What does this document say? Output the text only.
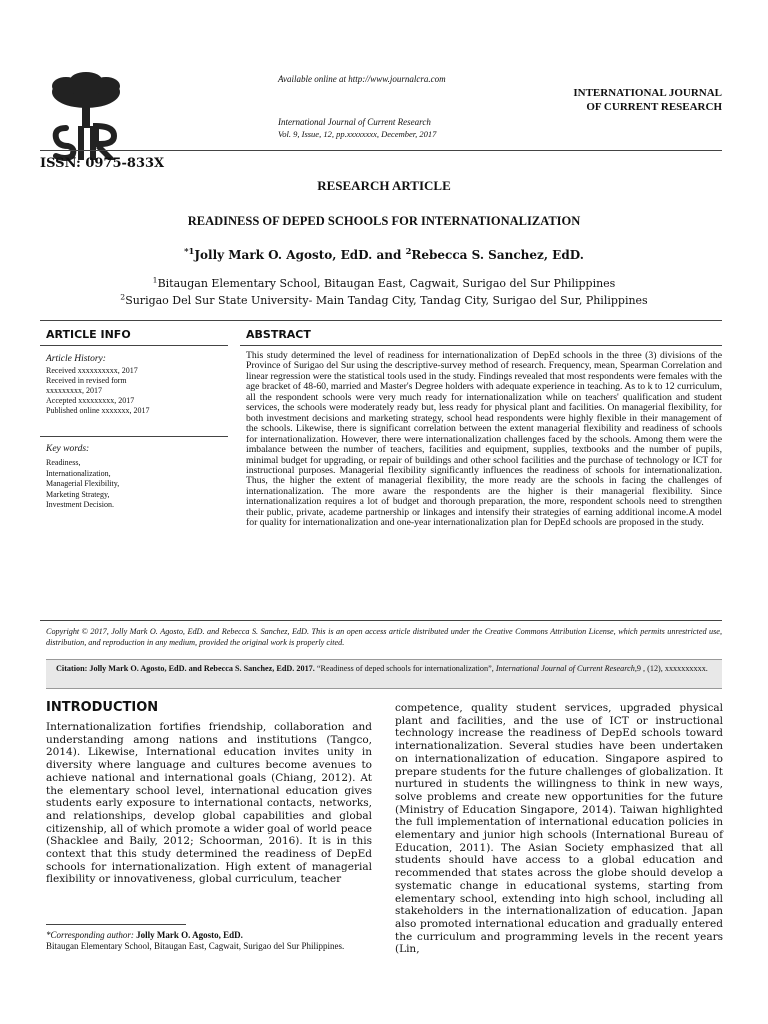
ISSN: 0975-833X
Available online at http://www.journalcra.com
International Journal of Current Research
Vol. 9, Issue, 12, pp.xxxxxxxx, December, 2017
INTERNATIONAL JOURNAL
OF CURRENT RESEARCH
RESEARCH ARTICLE
READINESS OF DEPED SCHOOLS FOR INTERNATIONALIZATION
$^{*1}$Jolly Mark O. Agosto, EdD. and $^2$Rebecca S. Sanchez, EdD.
$^1$Bitaugan Elementary School, Bitaugan East, Cagwait, Surigao del Sur Philippines
$^2$Surigao Del Sur State University- Main Tandag City, Tandag City, Surigao del Sur, Philippines
ARTICLE INFO	ABSTRACT
Article History:
Received xxxxxxxxxx, 2017
Received in revised form
xxxxxxxxx, 2017
Accepted xxxxxxxxx, 2017
Published online xxxxxxx, 2017
Key words:
Readiness,
Internationalization,
Managerial Flexibility,
Marketing Strategy,
Investment Decision.
This study determined the level of readiness for internationalization of DepEd schools in the three (3) divisions of the Province of Surigao del Sur using the descriptive-survey method of research. Frequency, mean, Spearman Correlation and linear regression were the statistical tools used in the study. Findings revealed that most respondents were females with the age bracket of 48-60, married and Master's Degree holders with adequate experience in teaching. As to k to 12 curriculum, all the respondent schools were very much ready for internationalization while on teachers' qualification and student services, the schools were moderately ready but, less ready for physical plant and facilities. On managerial flexibility, for both investment decisions and marketing strategy, school head respondents were highly flexible in their management of the schools. Likewise, there is significant correlation between the extent managerial flexibility and readiness of schools for internationalization. However, there were internationalization challenges faced by the schools. Among them were the imbalance between the number of teachers, facilities and equipment, supplies, textbooks and the number of pupils, minimal budget for upgrading, or repair of buildings and other school facilities and the purchase of technology or ICT for instructional purposes. Managerial flexibility significantly influences the readiness of schools for internationalization. Thus, the higher the extent of managerial flexibility, the more ready are the schools in facing the challenges of internationalization. The more aware the respondents are the higher is their managerial flexibility. Since internationalization requires a lot of budget and thorough preparation, the more, respondent schools need to strengthen their public, private, academe partnership or linkages and intensify their strategies of earning additional income.A model for quality for internationalization and one-year internationalization plan for DepEd schools are proposed in the study.
Copyright © 2017, Jolly Mark O. Agosto, EdD. and Rebecca S. Sanchez, EdD. This is an open access article distributed under the Creative Commons Attribution License, which permits unrestricted use, distribution, and reproduction in any medium, provided the original work is properly cited.
Citation: Jolly Mark O. Agosto, EdD. and Rebecca S. Sanchez, EdD. 2017. “Readiness of deped schools for internationalization”, International Journal of Current Research,9 , (12), xxxxxxxxxx.
INTRODUCTION
Internationalization fortifies friendship, collaboration and understanding among nations and institutions (Tangco, 2014). Likewise, International education invites unity in diversity where language and cultures become avenues to achieve national and international goals (Chiang, 2012). At the elementary school level, international education gives students early exposure to international contacts, networks, and relationships, develop global capabilities and global citizenship, all of which promote a wider goal of world peace (Shacklee and Baily, 2012; Schoorman, 2016). It is in this context that this study determined the readiness of DepEd schools for internationalization. High extent of managerial flexibility or innovativeness, global curriculum, teacher
competence, quality student services, upgraded physical plant and facilities, and the use of ICT or instructional technology increase the readiness of DepEd schools toward internationalization. Several studies have been undertaken on internationalization of education. Singapore aspired to prepare students for the future challenges of globalization. It nurtured in students the willingness to think in new ways, solve problems and create new opportunities for the future (Ministry of Education Singapore, 2014). Taiwan highlighted the full implementation of international education policies in elementary and junior high schools (International Bureau of Education, 2011). The Asian Society emphasized that all students should have access to a global education and recommended that states across the globe should develop a systematic change in educational systems, starting from elementary school, extending into high school, including all stakeholders in the internationalization of education. Japan also promoted international education and gradually entered the curriculum and programming levels in the recent years (Lin,
*Corresponding author: Jolly Mark O. Agosto, EdD.
Bitaugan Elementary School, Bitaugan East, Cagwait, Surigao del Sur Philippines.
